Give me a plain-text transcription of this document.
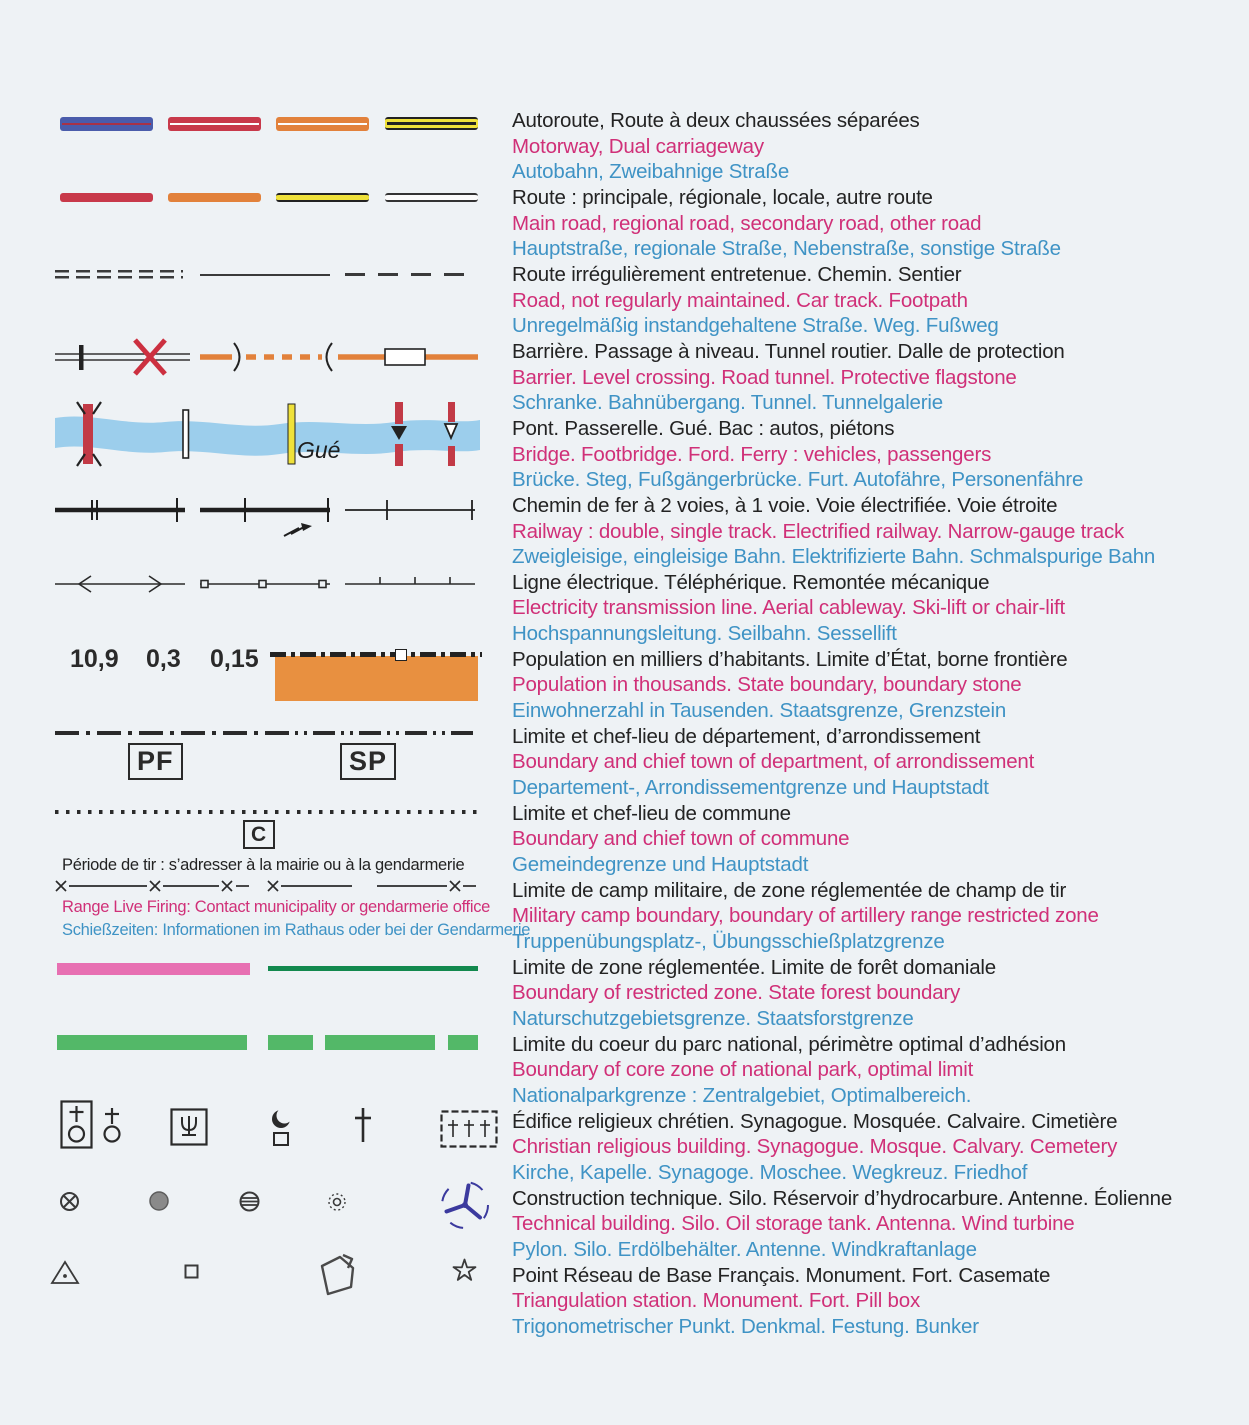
Autoroute, Route à deux chaussées séparées
Motorway, Dual carriageway
Autobahn, Zweibahnige Straße
Route : principale, régionale, locale, autre route
Main road, regional road, secondary road, other road
Hauptstraße, regionale Straße, Nebenstraße, sonstige Straße
Route irrégulièrement entretenue. Chemin. Sentier
Road, not regularly maintained. Car track. Footpath
Unregelmäßig instandgehaltene Straße. Weg. Fußweg
Barrière. Passage à niveau. Tunnel routier. Dalle de protection
Barrier. Level crossing. Road tunnel. Protective flagstone
Schranke. Bahnübergang. Tunnel. Tunnelgalerie
Pont. Passerelle. Gué. Bac : autos, piétons
Bridge. Footbridge. Ford. Ferry : vehicles, passengers
Brücke. Steg, Fußgängerbrücke. Furt. Autofähre, Personenfähre
Chemin de fer à 2 voies, à 1 voie. Voie électrifiée. Voie étroite
Railway : double, single track. Electrified railway. Narrow-gauge track
Zweigleisige, eingleisige Bahn. Elektrifizierte Bahn. Schmalspurige Bahn
Ligne électrique. Téléphérique. Remontée mécanique
Electricity transmission line. Aerial cableway. Ski-lift or chair-lift
Hochspannungsleitung. Seilbahn. Sessellift
Population en milliers d’habitants. Limite d’État, borne frontière
Population in thousands. State boundary, boundary stone
Einwohnerzahl in Tausenden. Staatsgrenze, Grenzstein
Limite et chef-lieu de département, d’arrondissement
Boundary and chief town of department, of arrondissement
Departement-, Arrondissementgrenze und Hauptstadt
Limite et chef-lieu de commune
Boundary and chief town of commune
Gemeindegrenze und Hauptstadt
Limite de camp militaire, de zone réglementée de champ de tir
Military camp boundary, boundary of artillery range restricted zone
Truppenübungsplatz-, Übungsschießplatzgrenze
Limite de zone réglementée. Limite de forêt domaniale
Boundary of restricted zone. State forest boundary
Naturschutzgebietsgrenze. Staatsforstgrenze
Limite du coeur du parc national, périmètre optimal d’adhésion
Boundary of core zone of national park, optimal limit
Nationalparkgrenze : Zentralgebiet, Optimalbereich.
Édifice religieux chrétien. Synagogue. Mosquée. Calvaire. Cimetière
Christian religious building. Synagogue. Mosque. Calvary. Cemetery
Kirche, Kapelle. Synagoge. Moschee. Wegkreuz. Friedhof
Construction technique. Silo. Réservoir d’hydrocarbure. Antenne. Éolienne
Technical building. Silo. Oil storage tank. Antenna. Wind turbine
Pylon. Silo. Erdölbehälter. Antenne. Windkraftanlage
Point Réseau de Base Français. Monument. Fort. Casemate
Triangulation station. Monument. Fort. Pill box
Trigonometrischer Punkt. Denkmal. Festung. Bunker
Gué
10,9 0,3 0,15
PF	SP
C
Période de tir : s’adresser à la mairie ou à la gendarmerie
Range Live Firing: Contact municipality or gendarmerie office
Schießzeiten: Informationen im Rathaus oder bei der Gendarmerie
